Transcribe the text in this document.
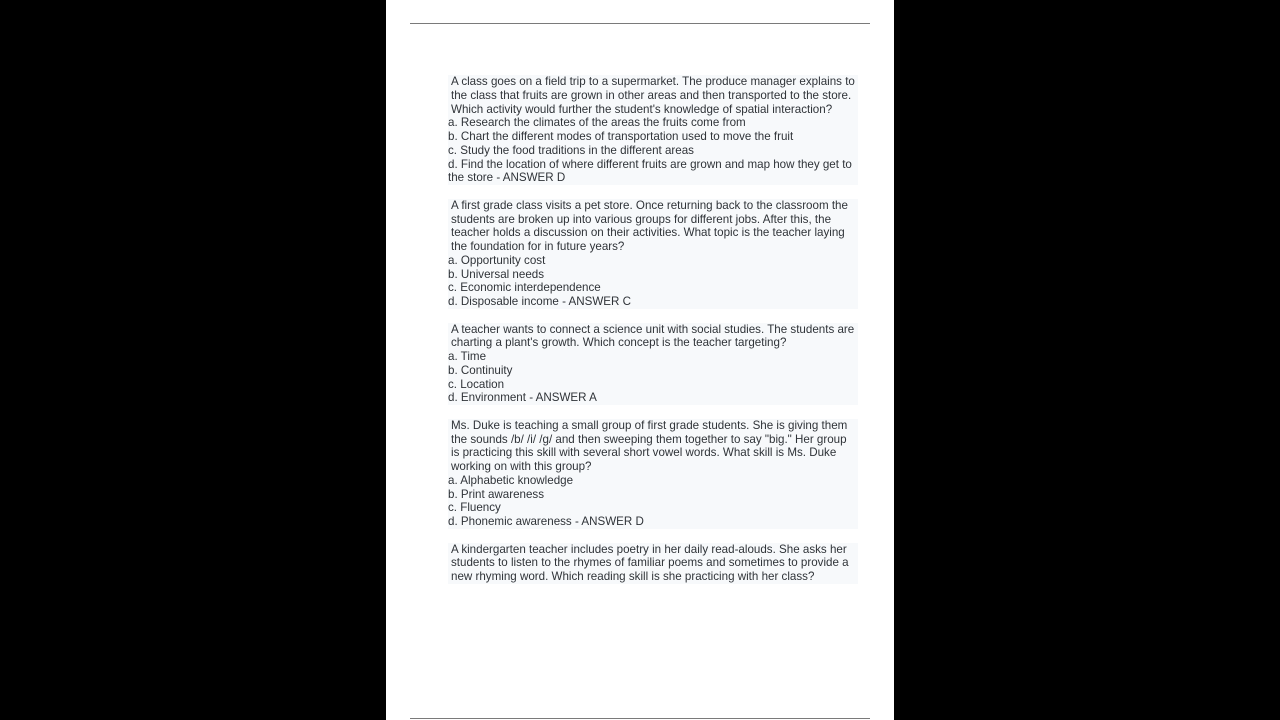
A class goes on a field trip to a supermarket. The produce manager explains to the class that fruits are grown in other areas and then transported to the store. Which activity would further the student's knowledge of spatial interaction?
a. Research the climates of the areas the fruits come from
b. Chart the different modes of transportation used to move the fruit
c. Study the food traditions in the different areas
d. Find the location of where different fruits are grown and map how they get to the store - ANSWER D
A first grade class visits a pet store. Once returning back to the classroom the students are broken up into various groups for different jobs. After this, the teacher holds a discussion on their activities. What topic is the teacher laying the foundation for in future years?
a. Opportunity cost
b. Universal needs
c. Economic interdependence
d. Disposable income - ANSWER C
A teacher wants to connect a science unit with social studies. The students are charting a plant's growth. Which concept is the teacher targeting?
a. Time
b. Continuity
c. Location
d. Environment - ANSWER A
Ms. Duke is teaching a small group of first grade students. She is giving them the sounds /b/ /i/ /g/ and then sweeping them together to say "big." Her group is practicing this skill with several short vowel words. What skill is Ms. Duke working on with this group?
a. Alphabetic knowledge
b. Print awareness
c. Fluency
d. Phonemic awareness - ANSWER D
A kindergarten teacher includes poetry in her daily read-alouds. She asks her students to listen to the rhymes of familiar poems and sometimes to provide a new rhyming word. Which reading skill is she practicing with her class?
